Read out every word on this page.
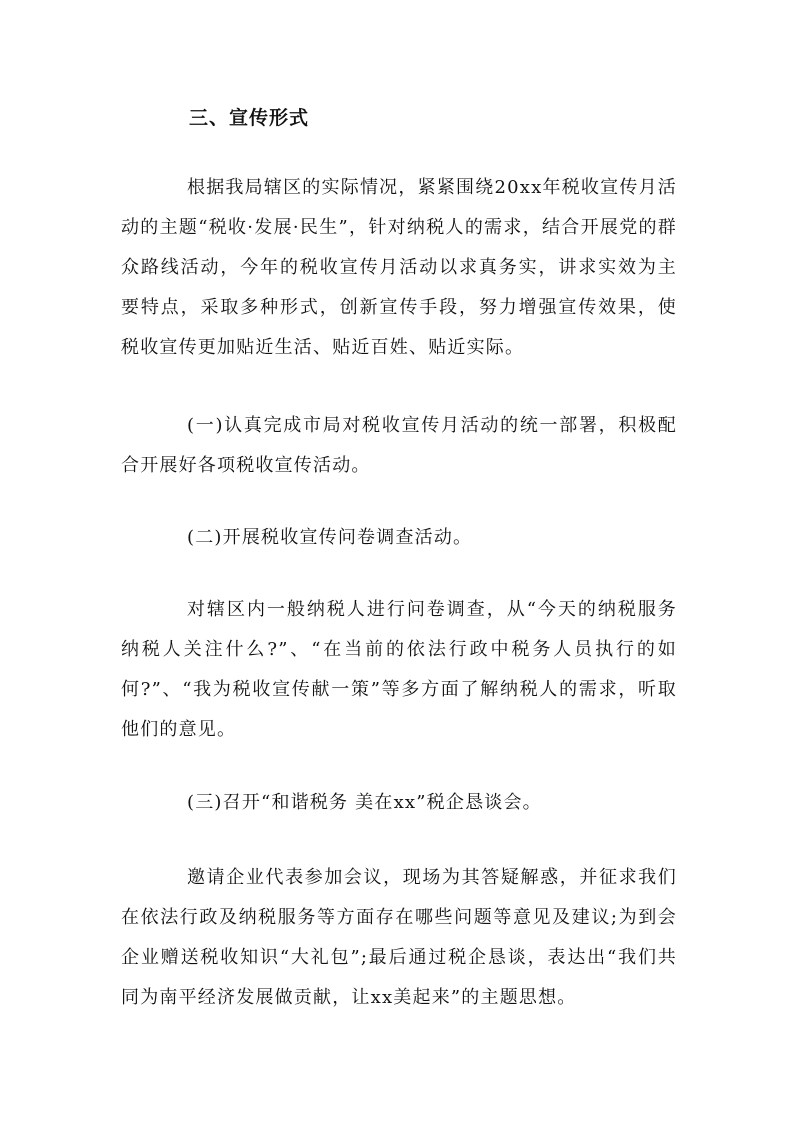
三、宣传形式

根据我局辖区的实际情况，紧紧围绕20xx年税收宣传月活动的主题“税收·发展·民生”，针对纳税人的需求，结合开展党的群众路线活动，今年的税收宣传月活动以求真务实，讲求实效为主要特点，采取多种形式，创新宣传手段，努力增强宣传效果，使税收宣传更加贴近生活、贴近百姓、贴近实际。

(一)认真完成市局对税收宣传月活动的统一部署，积极配合开展好各项税收宣传活动。

(二)开展税收宣传问卷调查活动。

对辖区内一般纳税人进行问卷调查，从“今天的纳税服务纳税人关注什么?”、“在当前的依法行政中税务人员执行的如何?”、“我为税收宣传献一策”等多方面了解纳税人的需求，听取他们的意见。

(三)召开“和谐税务 美在xx”税企恳谈会。

邀请企业代表参加会议，现场为其答疑解惑，并征求我们在依法行政及纳税服务等方面存在哪些问题等意见及建议;为到会企业赠送税收知识“大礼包”;最后通过税企恳谈，表达出“我们共同为南平经济发展做贡献，让xx美起来”的主题思想。
